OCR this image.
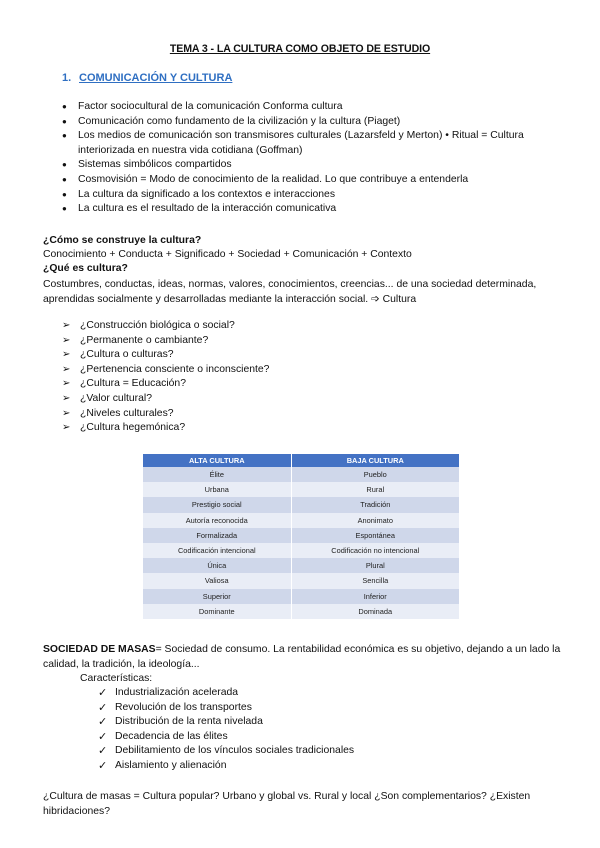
TEMA 3 - LA CULTURA COMO OBJETO DE ESTUDIO
1. COMUNICACIÓN Y CULTURA
● Factor sociocultural de la comunicación Conforma cultura
● Comunicación como fundamento de la civilización y la cultura (Piaget)
● Los medios de comunicación son transmisores culturales (Lazarsfeld y Merton) • Ritual = Cultura interiorizada en nuestra vida cotidiana (Goffman)
● Sistemas simbólicos compartidos
● Cosmovisión = Modo de conocimiento de la realidad. Lo que contribuye a entenderla
● La cultura da significado a los contextos e interacciones
● La cultura es el resultado de la interacción comunicativa
¿Cómo se construye la cultura?
Conocimiento + Conducta + Significado + Sociedad + Comunicación + Contexto
¿Qué es cultura?
Costumbres, conductas, ideas, normas, valores, conocimientos, creencias... de una sociedad determinada, aprendidas socialmente y desarrolladas mediante la interacción social. ➩ Cultura
➢ ¿Construcción biológica o social?
➢ ¿Permanente o cambiante?
➢ ¿Cultura o culturas?
➢ ¿Pertenencia consciente o inconsciente?
➢ ¿Cultura = Educación?
➢ ¿Valor cultural?
➢ ¿Niveles culturales?
➢ ¿Cultura hegemónica?
ALTA CULTURA	BAJA CULTURA
Élite	Pueblo
Urbana	Rural
Prestigio social	Tradición
Autoría reconocida	Anonimato
Formalizada	Espontánea
Codificación intencional	Codificación no intencional
Única	Plural
Valiosa	Sencilla
Superior	Inferior
Dominante	Dominada
SOCIEDAD DE MASAS= Sociedad de consumo. La rentabilidad económica es su objetivo, dejando a un lado la calidad, la tradición, la ideología...
Características:
✓ Industrialización acelerada
✓ Revolución de los transportes
✓ Distribución de la renta nivelada
✓ Decadencia de las élites
✓ Debilitamiento de los vínculos sociales tradicionales
✓ Aislamiento y alienación
¿Cultura de masas = Cultura popular? Urbano y global vs. Rural y local ¿Son complementarios? ¿Existen hibridaciones?
